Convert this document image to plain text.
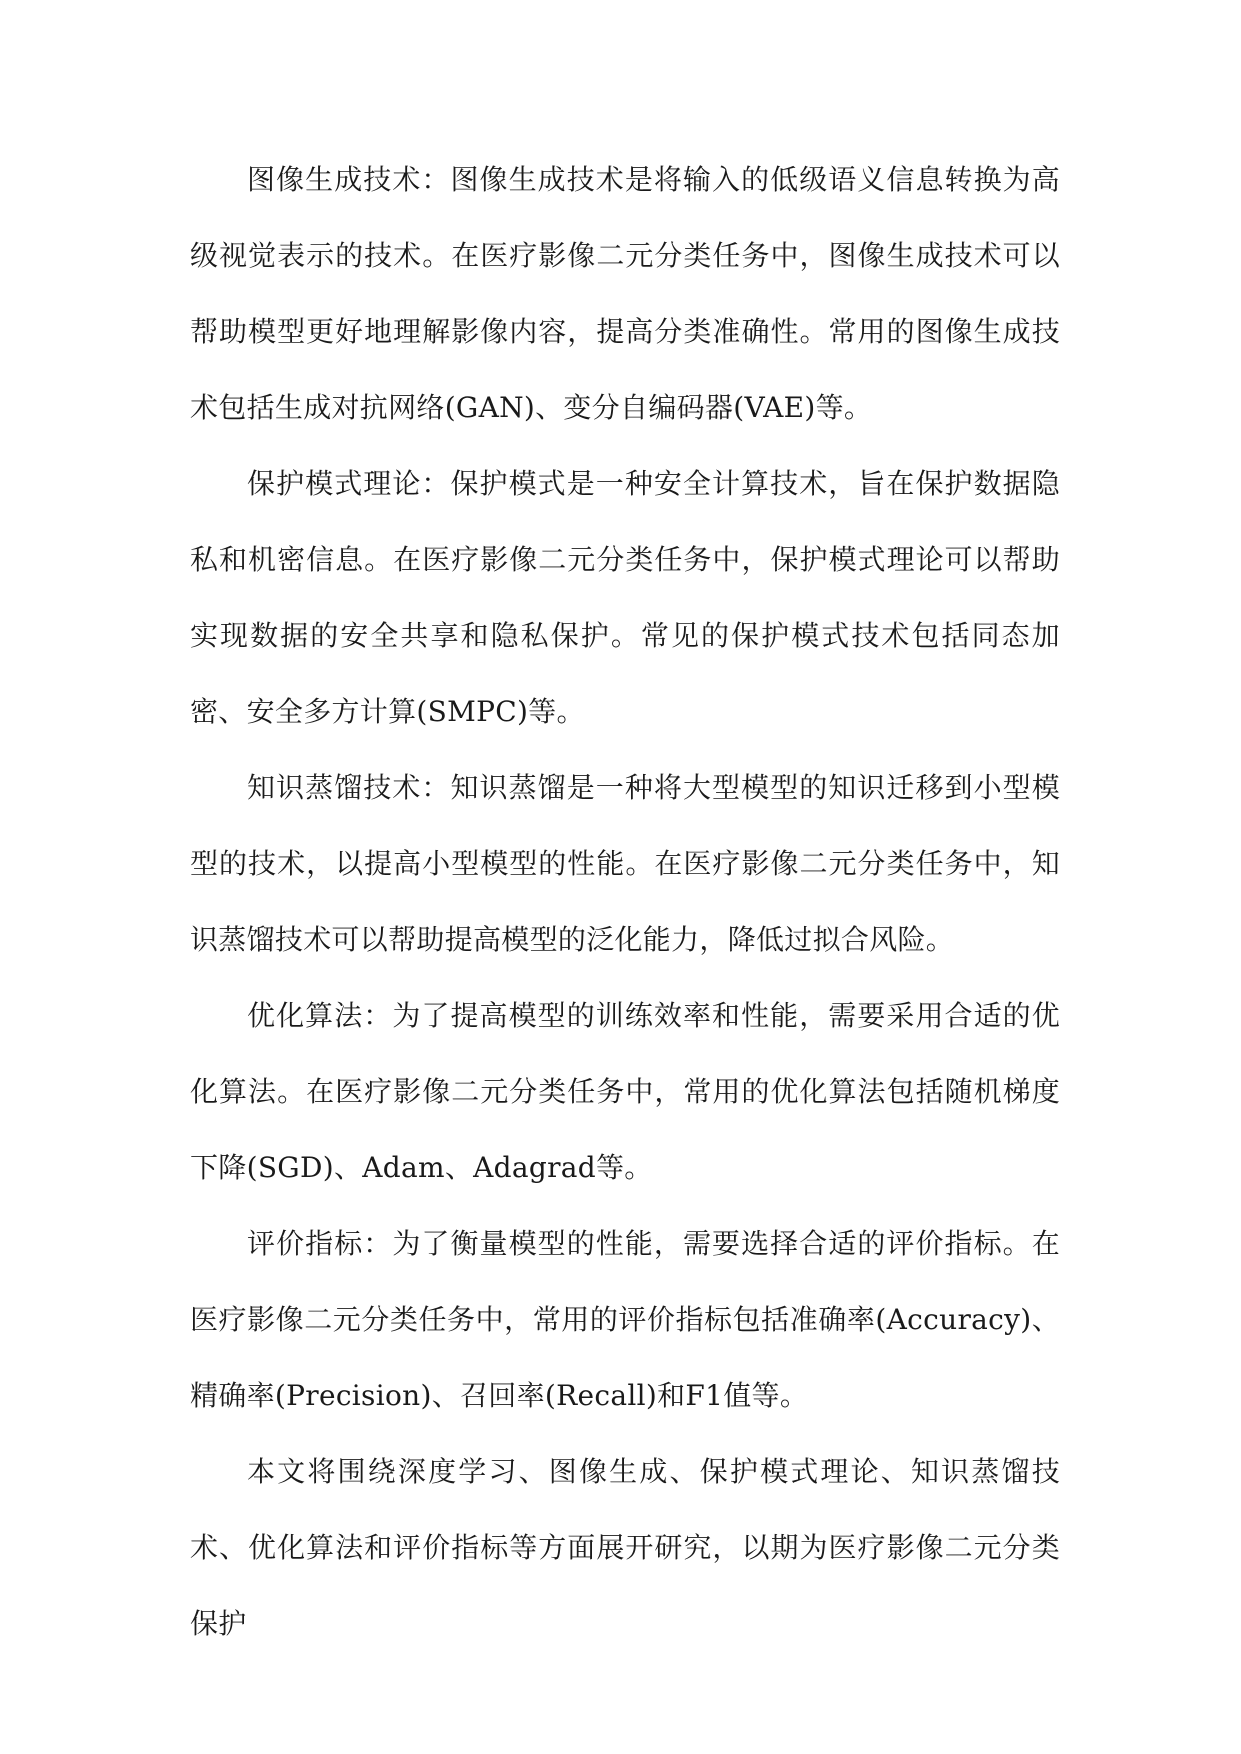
图像生成技术：图像生成技术是将输入的低级语义信息转换为高级视觉表示的技术。在医疗影像二元分类任务中，图像生成技术可以帮助模型更好地理解影像内容，提高分类准确性。常用的图像生成技术包括生成对抗网络(GAN)、变分自编码器(VAE)等。

保护模式理论：保护模式是一种安全计算技术，旨在保护数据隐私和机密信息。在医疗影像二元分类任务中，保护模式理论可以帮助实现数据的安全共享和隐私保护。常见的保护模式技术包括同态加密、安全多方计算(SMPC)等。

知识蒸馏技术：知识蒸馏是一种将大型模型的知识迁移到小型模型的技术，以提高小型模型的性能。在医疗影像二元分类任务中，知识蒸馏技术可以帮助提高模型的泛化能力，降低过拟合风险。

优化算法：为了提高模型的训练效率和性能，需要采用合适的优化算法。在医疗影像二元分类任务中，常用的优化算法包括随机梯度下降(SGD)、Adam、Adagrad等。

评价指标：为了衡量模型的性能，需要选择合适的评价指标。在医疗影像二元分类任务中，常用的评价指标包括准确率(Accuracy)、精确率(Precision)、召回率(Recall)和F1值等。

本文将围绕深度学习、图像生成、保护模式理论、知识蒸馏技术、优化算法和评价指标等方面展开研究，以期为医疗影像二元分类保护
